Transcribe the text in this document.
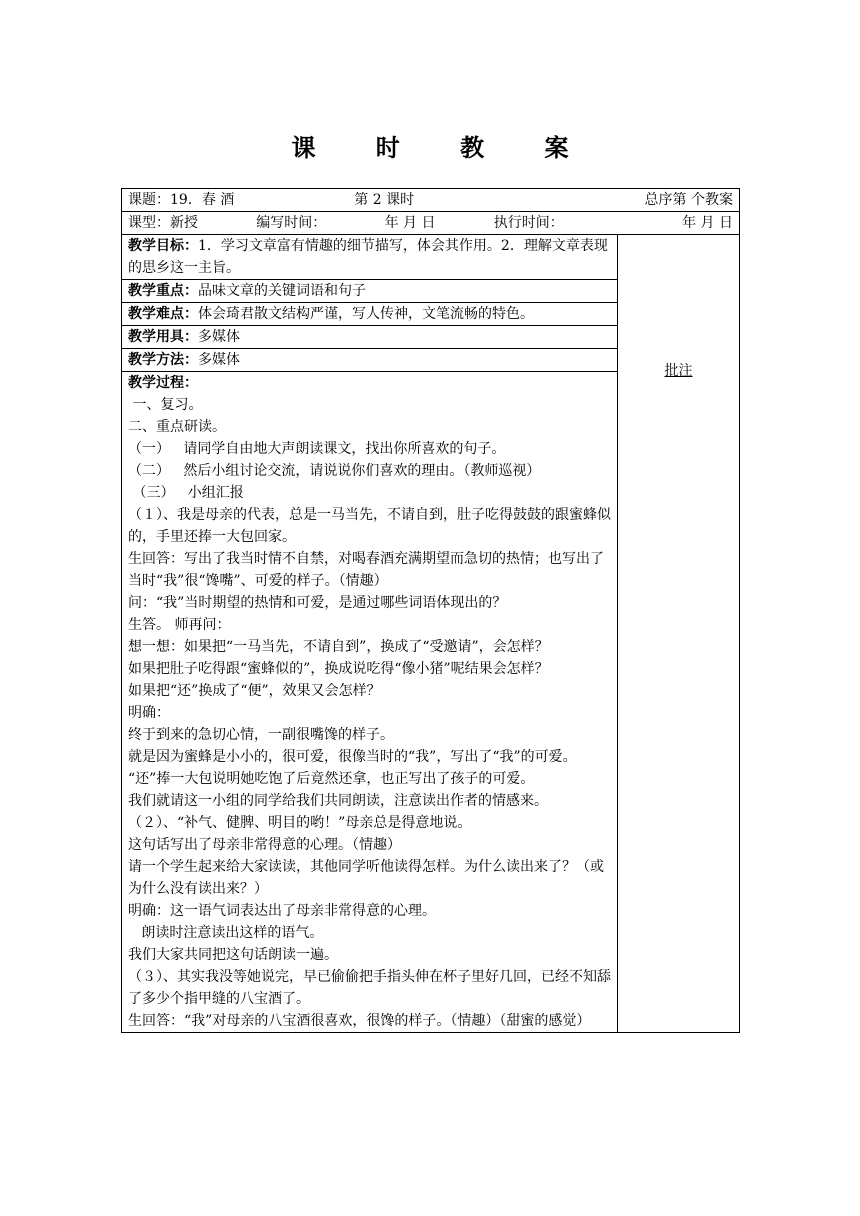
课 时 教 案
课题：19．春 酒	第 2 课时	总序第 个教案

课型：新授	编写时间：	年 月 日	执行时间：	年 月 日

教学目标：1．学习文章富有情趣的细节描写，体会其作用。2．理解文章表现的思乡这一主旨。	批注
教学重点：品味文章的关键词语和句子
教学难点：体会琦君散文结构严谨，写人传神，文笔流畅的特色。
教学用具：多媒体
教学方法：多媒体

教学过程：

一、复习。

二、重点研读。

（一）   请同学自由地大声朗读课文，找出你所喜欢的句子。

（二）   然后小组讨论交流，请说说你们喜欢的理由。（教师巡视）

（三）   小组汇报

（１）、我是母亲的代表，总是一马当先，不请自到，肚子吃得鼓鼓的跟蜜蜂似的，手里还捧一大包回家。

生回答：写出了我当时情不自禁，对喝春酒充满期望而急切的热情；也写出了当时“我”很“馋嘴”、可爱的样子。（情趣）

问：“我”当时期望的热情和可爱，是通过哪些词语体现出的？

生答。 师再问：

想一想：如果把“一马当先，不请自到”，换成了“受邀请”，会怎样？

如果把肚子吃得跟“蜜蜂似的”，换成说吃得“像小猪”呢结果会怎样？

如果把“还”换成了“便”，效果又会怎样？

明确：

终于到来的急切心情，一副很嘴馋的样子。

就是因为蜜蜂是小小的，很可爱，很像当时的“我”，写出了“我”的可爱。

“还”捧一大包说明她吃饱了后竟然还拿，也正写出了孩子的可爱。

我们就请这一小组的同学给我们共同朗读，注意读出作者的情感来。

（２）、“补气、健脾、明目的哟！”母亲总是得意地说。

这句话写出了母亲非常得意的心理。（情趣）

请一个学生起来给大家读读，其他同学听他读得怎样。为什么读出来了？（或为什么没有读出来？）

明确：这一语气词表达出了母亲非常得意的心理。

朗读时注意读出这样的语气。

我们大家共同把这句话朗读一遍。

（３）、其实我没等她说完，早已偷偷把手指头伸在杯子里好几回，已经不知舔了多少个指甲缝的八宝酒了。

生回答：“我”对母亲的八宝酒很喜欢，很馋的样子。（情趣）（甜蜜的感觉）
